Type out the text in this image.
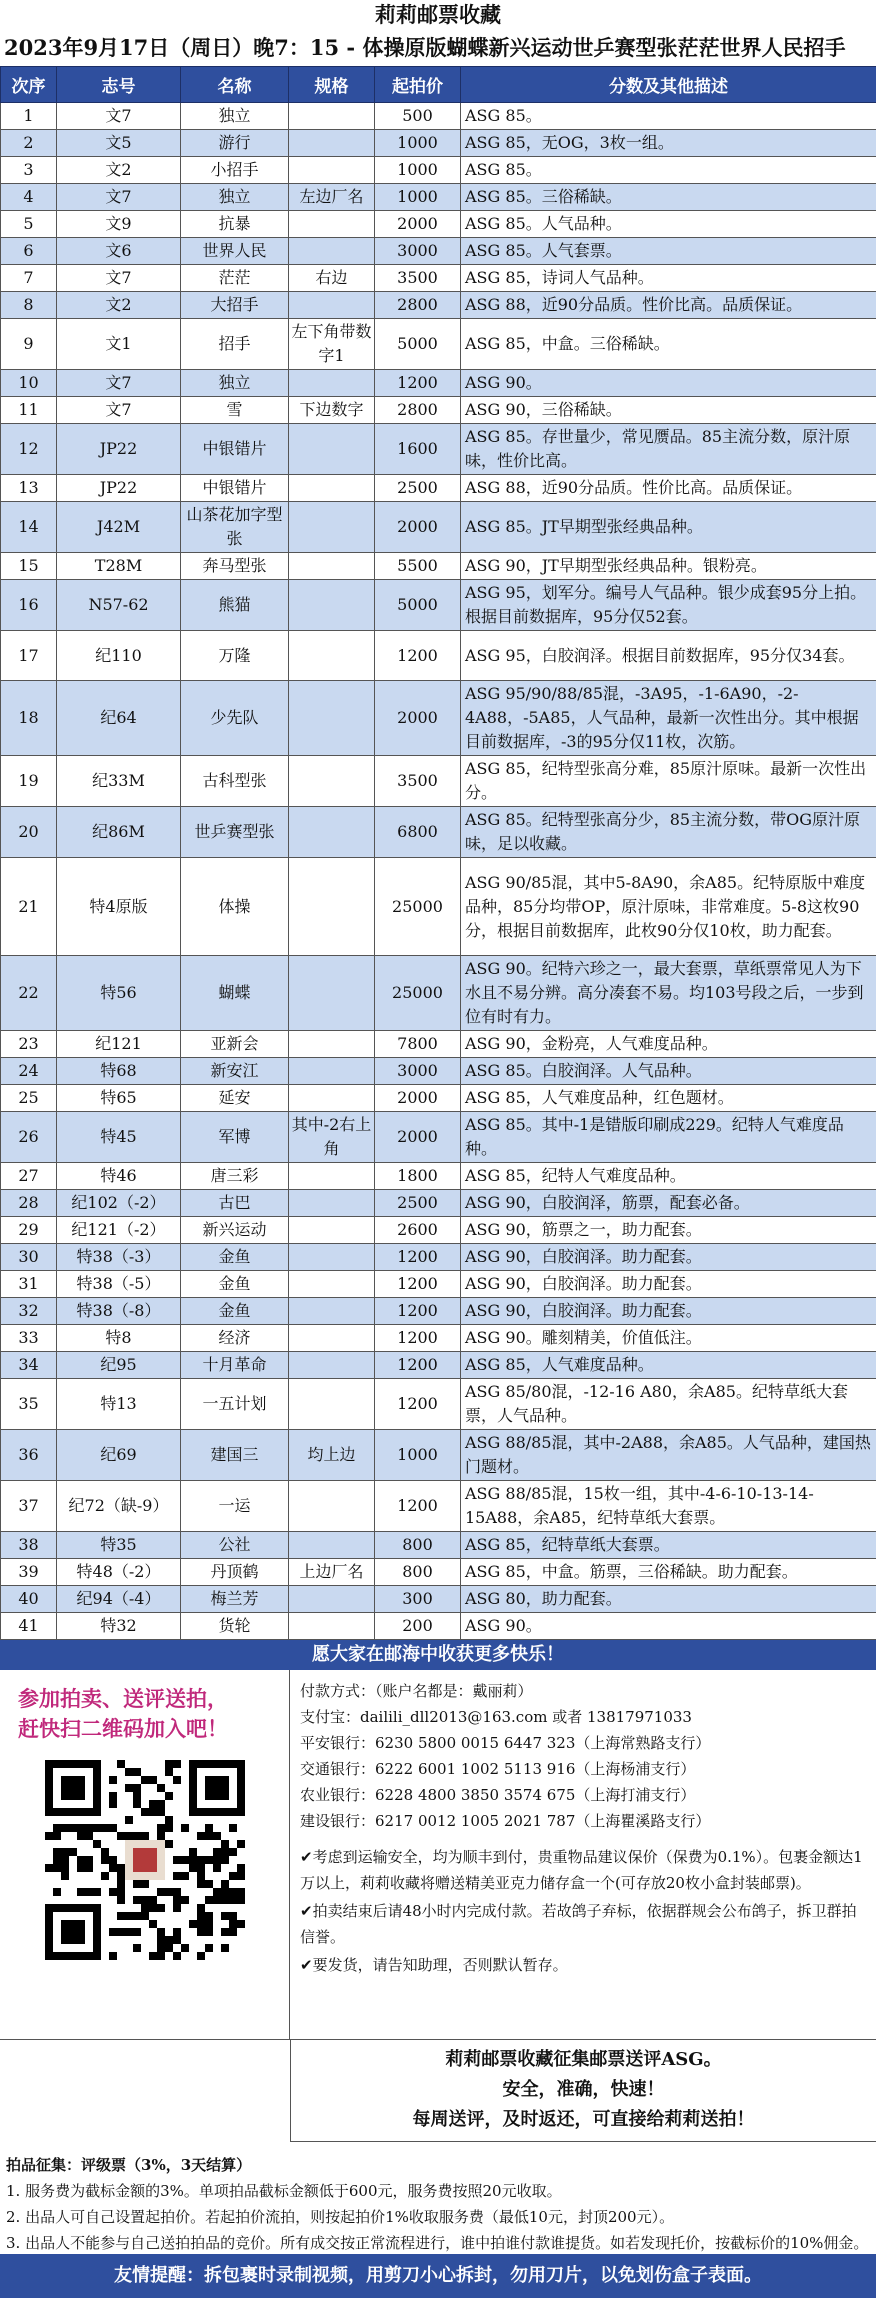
莉莉邮票收藏
2023年9月17日（周日）晚7：15 - 体操原版蝴蝶新兴运动世乒赛型张茫茫世界人民招手
次序	志号	名称	规格	起拍价	分数及其他描述
1	文7	独立		500	ASG 85。
2	文5	游行		1000	ASG 85，无OG，3枚一组。
3	文2	小招手		1000	ASG 85。
4	文7	独立	左边厂名	1000	ASG 85。三俗稀缺。
5	文9	抗暴		2000	ASG 85。人气品种。
6	文6	世界人民		3000	ASG 85。人气套票。
7	文7	茫茫	右边	3500	ASG 85，诗词人气品种。
8	文2	大招手		2800	ASG 88，近90分品质。性价比高。品质保证。
9	文1	招手	左下角带数字1	5000	ASG 85，中盒。三俗稀缺。
10	文7	独立		1200	ASG 90。
11	文7	雪	下边数字	2800	ASG 90，三俗稀缺。
12	JP22	中银错片		1600	ASG 85。存世量少，常见赝品。85主流分数，原汁原味，性价比高。
13	JP22	中银错片		2500	ASG 88，近90分品质。性价比高。品质保证。
14	J42M	山茶花加字型张		2000	ASG 85。JT早期型张经典品种。
15	T28M	奔马型张		5500	ASG 90，JT早期型张经典品种。银粉亮。
16	N57-62	熊猫		5000	ASG 95，划军分。编号人气品种。银少成套95分上拍。根据目前数据库，95分仅52套。
17	纪110	万隆		1200	ASG 95，白胶润泽。根据目前数据库，95分仅34套。
18	纪64	少先队		2000	ASG 95/90/88/85混，-3A95，-1-6A90，-2-4A88，-5A85，人气品种，最新一次性出分。其中根据目前数据库，-3的95分仅11枚，次筋。
19	纪33M	古科型张		3500	ASG 85，纪特型张高分难，85原汁原味。最新一次性出分。
20	纪86M	世乒赛型张		6800	ASG 85。纪特型张高分少，85主流分数，带OG原汁原味，足以收藏。
21	特4原版	体操		25000	ASG 90/85混，其中5-8A90，余A85。纪特原版中难度品种，85分均带OP，原汁原味，非常难度。5-8这枚90分，根据目前数据库，此枚90分仅10枚，助力配套。
22	特56	蝴蝶		25000	ASG 90。纪特六珍之一，最大套票，草纸票常见人为下水且不易分辨。高分凑套不易。均103号段之后，一步到位有时有力。
23	纪121	亚新会		7800	ASG 90，金粉亮，人气难度品种。
24	特68	新安江		3000	ASG 85。白胶润泽。人气品种。
25	特65	延安		2000	ASG 85，人气难度品种，红色题材。
26	特45	军博	其中-2右上角	2000	ASG 85。其中-1是错版印刷成229。纪特人气难度品种。
27	特46	唐三彩		1800	ASG 85，纪特人气难度品种。
28	纪102（-2）	古巴		2500	ASG 90，白胶润泽，筋票，配套必备。
29	纪121（-2）	新兴运动		2600	ASG 90，筋票之一，助力配套。
30	特38（-3）	金鱼		1200	ASG 90，白胶润泽。助力配套。
31	特38（-5）	金鱼		1200	ASG 90，白胶润泽。助力配套。
32	特38（-8）	金鱼		1200	ASG 90，白胶润泽。助力配套。
33	特8	经济		1200	ASG 90。雕刻精美，价值低注。
34	纪95	十月革命		1200	ASG 85，人气难度品种。
35	特13	一五计划		1200	ASG 85/80混，-12-16 A80，余A85。纪特草纸大套票，人气品种。
36	纪69	建国三	均上边	1000	ASG 88/85混，其中-2A88，余A85。人气品种，建国热门题材。
37	纪72（缺-9）	一运		1200	ASG 88/85混，15枚一组，其中-4-6-10-13-14-15A88，余A85，纪特草纸大套票。
38	特35	公社		800	ASG 85，纪特草纸大套票。
39	特48（-2）	丹顶鹤	上边厂名	800	ASG 85，中盒。筋票，三俗稀缺。助力配套。
40	纪94（-4）	梅兰芳		300	ASG 80，助力配套。
41	特32	货轮		200	ASG 90。
愿大家在邮海中收获更多快乐！
参加拍卖、送评送拍，
赶快扫二维码加入吧！
付款方式：（账户名都是：戴丽莉）
支付宝：dailili_dll2013@163.com 或者 13817971033
平安银行：6230 5800 0015 6447 323（上海常熟路支行）
交通银行：6222 6001 1002 5113 916（上海杨浦支行）
农业银行：6228 4800 3850 3574 675（上海打浦支行）
建设银行：6217 0012 1005 2021 787（上海瞿溪路支行）
✔考虑到运输安全，均为顺丰到付，贵重物品建议保价（保费为0.1%）。包裹金额达1万以上，莉莉收藏将赠送精美亚克力储存盒一个(可存放20枚小盒封装邮票)。
✔拍卖结束后请48小时内完成付款。若故鸽子弃标，依据群规会公布鸽子，拆卫群拍信誉。
✔要发货，请告知助理，否则默认暂存。
莉莉邮票收藏征集邮票送评ASG。
安全，准确，快速！
每周送评，及时返还，可直接给莉莉送拍！
拍品征集：评级票（3%，3天结算）
1. 服务费为截标金额的3%。单项拍品截标金额低于600元，服务费按照20元收取。
2. 出品人可自己设置起拍价。若起拍价流拍，则按起拍价1%收取服务费（最低10元，封顶200元）。
3. 出品人不能参与自己送拍拍品的竞价。所有成交按正常流程进行，谁中拍谁付款谁提货。如若发现托价，按截标价的10%佣金。
友情提醒：拆包裹时录制视频，用剪刀小心拆封，勿用刀片，以免划伤盒子表面。
